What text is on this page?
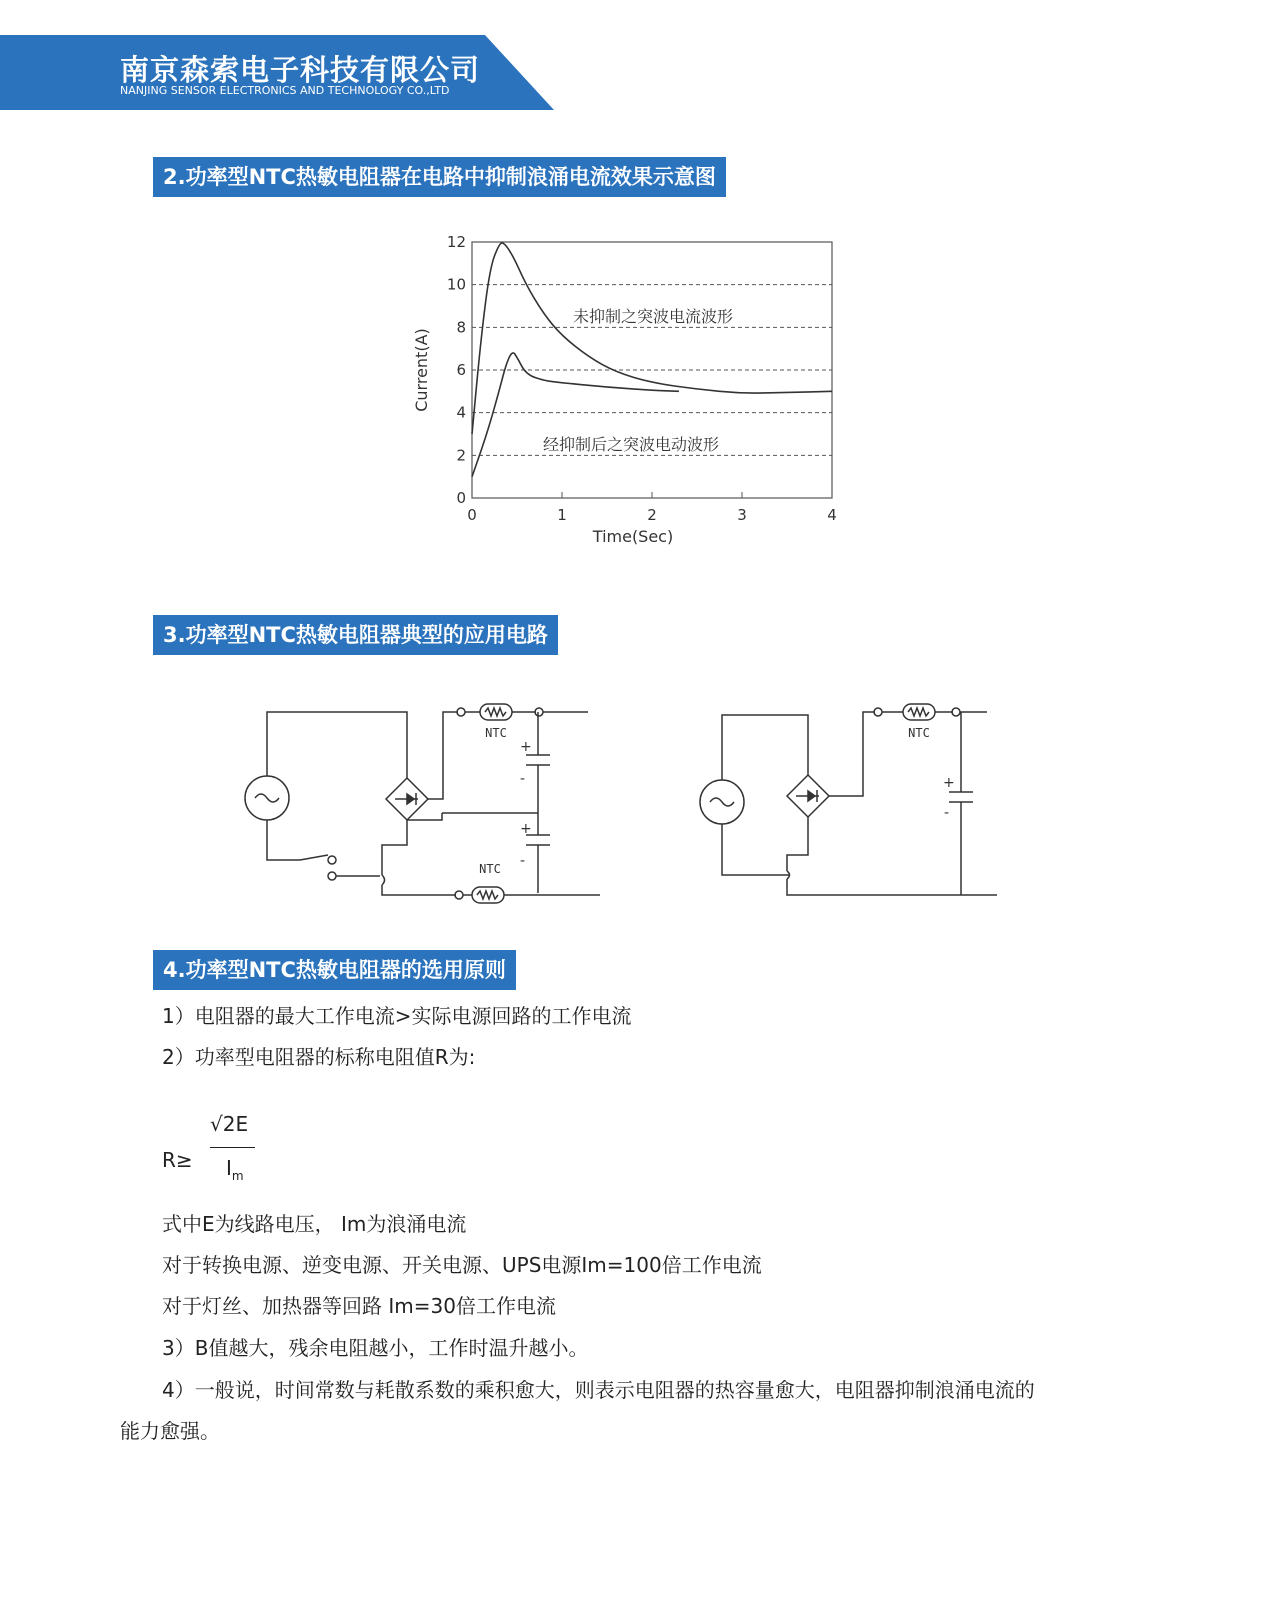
南京森索电子科技有限公司
NANJING SENSOR ELECTRONICS AND TECHNOLOGY CO.,LTD
2.功率型NTC热敏电阻器在电路中抑制浪涌电流效果示意图
0
2
4
6
8
10
12
0	1	2	3	4
未抑制之突波电流波形
经抑制后之突波电动波形
Time(Sec)
Current(A)
3.功率型NTC热敏电阻器典型的应用电路
NTC
NTC
+
-
+
-
NTC
+
-
4.功率型NTC热敏电阻器的选用原则
1）电阻器的最大工作电流>实际电源回路的工作电流
2）功率型电阻器的标称电阻值R为:
R≥
√2E
$I_m$
式中E为线路电压， Im为浪涌电流
对于转换电源、逆变电源、开关电源、UPS电源Im=100倍工作电流
对于灯丝、加热器等回路 Im=30倍工作电流
3）B值越大，残余电阻越小，工作时温升越小。
4）一般说，时间常数与耗散系数的乘积愈大，则表示电阻器的热容量愈大，电阻器抑制浪涌电流的
能力愈强。
